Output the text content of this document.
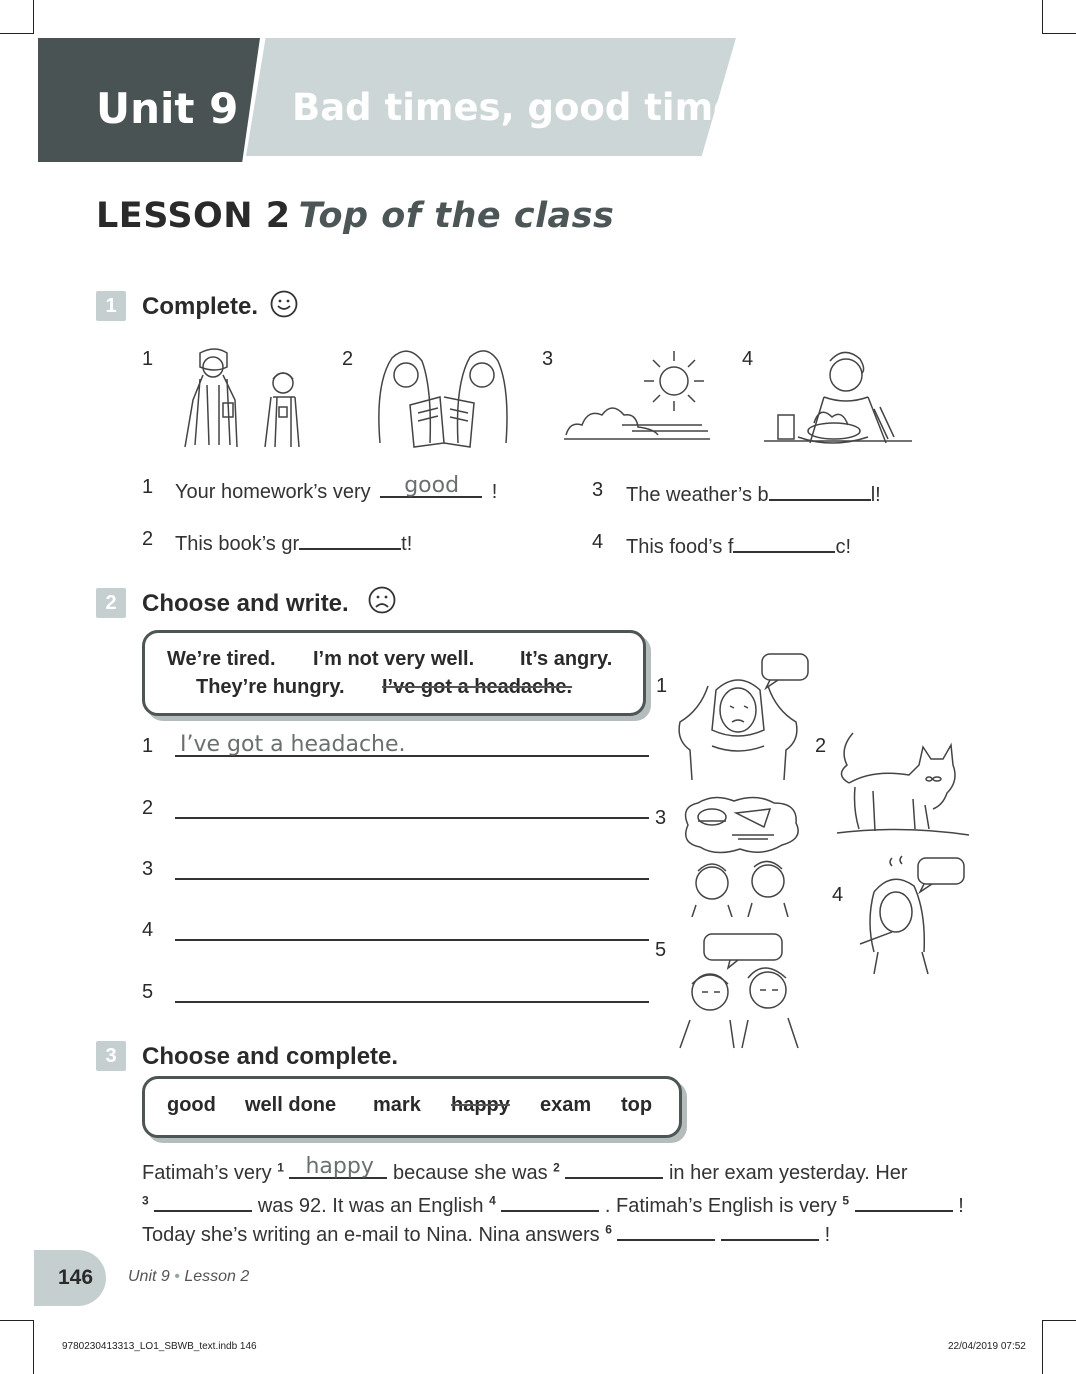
Unit 9 Bad times, good times
LESSON 2 Top of the class
1	Complete.
1	2	3	4
1 Your homework’s very good !
2 This book’s gr	t!
3 The weather’s b	l!
4 This food’s f	c!
2	Choose and write.
We’re tired. I’m not very well. It’s angry.
They’re hungry. I’ve got a headache.
1 I’ve got a headache.
2
3
4
5
1
2
3
4
5
3	Choose and complete.
good well done mark happy exam top
Fatimah’s very $^1$ happy because she was $^2$	in her exam yesterday. Her
$^3$	was 92. It was an English $^4$	. Fatimah’s English is very $^5$	!
Today she’s writing an e-mail to Nina. Nina answers $^6$	!
146 Unit 9 • Lesson 2
9780230413313_LO1_SBWB_text.indb 146	22/04/2019 07:52
